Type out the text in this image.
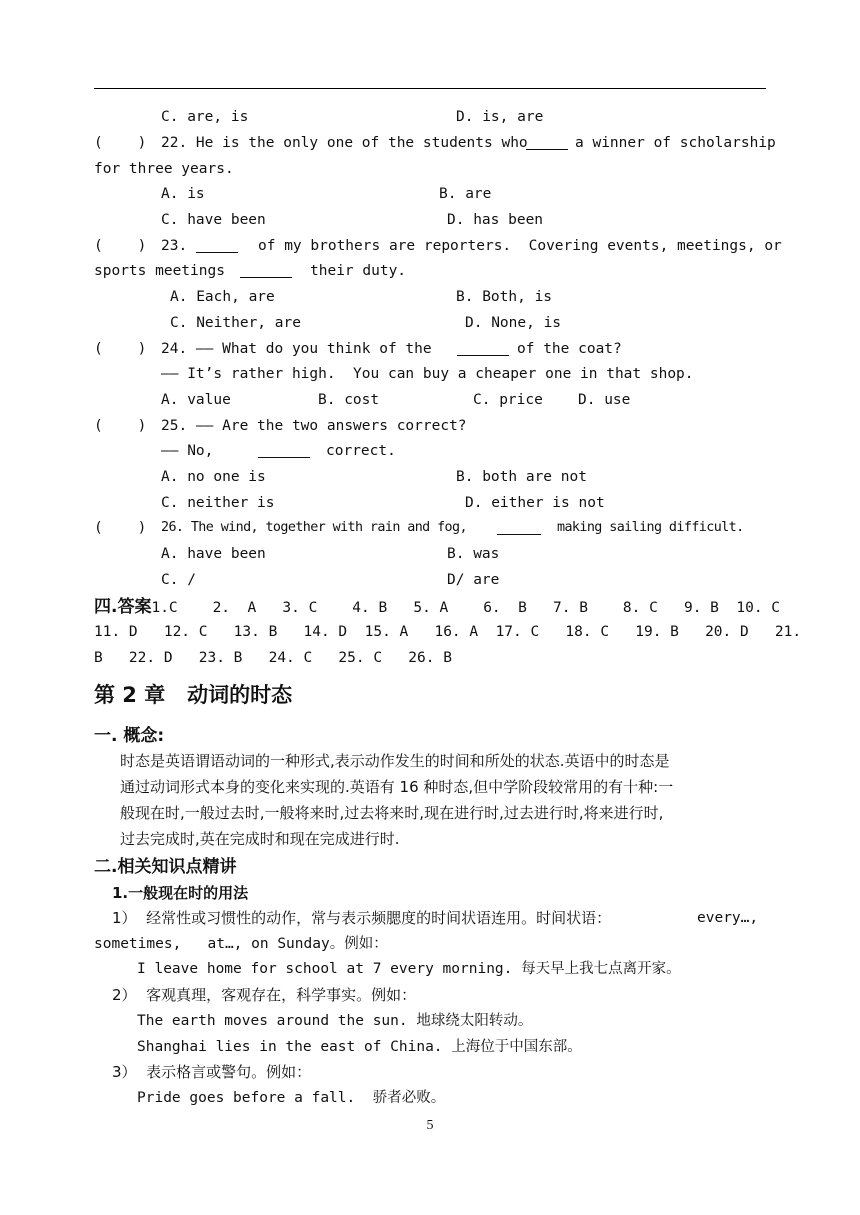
C. are, is	D. is, are
(    ) 22. He is the only one of the students who	a winner of scholarship
for three years.
A. is	B. are
C. have been	D. has been
(    ) 23.	of my brothers are reporters.  Covering events, meetings, or
sports meetings	their duty.
A. Each, are	B. Both, is
C. Neither, are	D. None, is
(    ) 24. —— What do you think of the	of the coat?
—— It’s rather high.  You can buy a cheaper one in that shop.
A. value	B. cost	C. price D. use
(    ) 25. —— Are the two answers correct?
—— No,	correct.
A. no one is	B. both are not
C. neither is	D. either is not
(    ) 26. The wind, together with rain and fog,	making sailing difficult.
A. have been	B. was
C. /	D/ are
四.答案1.C    2.  A   3. C    4. B   5. A    6.  B   7. B    8. C   9. B  10. C
11. D   12. C   13. B   14. D  15. A   16. A  17. C   18. C   19. B   20. D   21.
B   22. D   23. B   24. C   25. C   26. B
第 2 章   动词的时态
一. 概念:
时态是英语谓语动词的一种形式,表示动作发生的时间和所处的状态.英语中的时态是
通过动词形式本身的变化来实现的.英语有 16 种时态,但中学阶段较常用的有十种:一
般现在时,一般过去时,一般将来时,过去将来时,现在进行时,过去进行时,将来进行时,
过去完成时,英在完成时和现在完成进行时.
二.相关知识点精讲
1.一般现在时的用法
1）  经常性或习惯性的动作，常与表示频腮度的时间状语连用。时间状语：	every…,
sometimes,   at…, on Sunday。例如：
I leave home for school at 7 every morning. 每天早上我七点离开家。
2）  客观真理，客观存在，科学事实。例如：
The earth moves around the sun. 地球绕太阳转动。
Shanghai lies in the east of China. 上海位于中国东部。
3）  表示格言或警句。例如：
Pride goes before a fall.  骄者必败。
5
